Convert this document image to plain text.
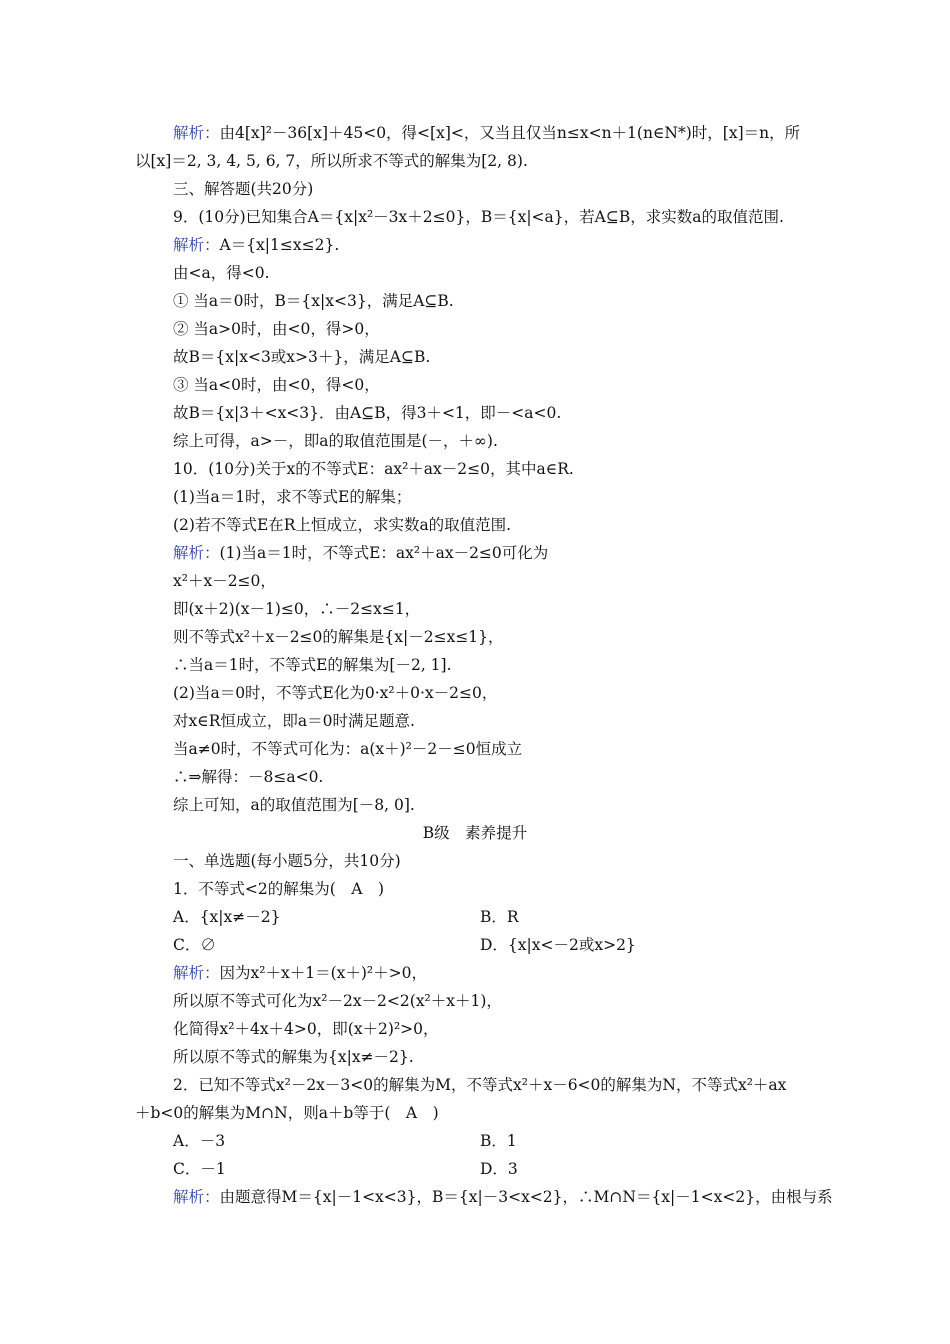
解析：由4[x]²－36[x]＋45<0，得<[x]<，又当且仅当n≤x<n＋1(n∈N*)时，[x]＝n，所
以[x]＝2, 3, 4, 5, 6, 7，所以所求不等式的解集为[2, 8).
三、解答题(共20分)
9．(10分)已知集合A＝{x|x²－3x＋2≤0}，B＝{x|<a}，若A⊆B，求实数a的取值范围.
解析：A＝{x|1≤x≤2}.
由<a，得<0.
① 当a＝0时，B＝{x|x<3}，满足A⊆B.
② 当a>0时，由<0，得>0，
故B＝{x|x<3或x>3＋}，满足A⊆B.
③ 当a<0时，由<0，得<0，
故B＝{x|3＋<x<3}．由A⊆B，得3＋<1，即－<a<0.
综上可得，a>－，即a的取值范围是(－，＋∞).
10．(10分)关于x的不等式E：ax²＋ax－2≤0，其中a∈R.
(1)当a＝1时，求不等式E的解集；
(2)若不等式E在R上恒成立，求实数a的取值范围.
解析：(1)当a＝1时，不等式E：ax²＋ax－2≤0可化为
x²＋x－2≤0，
即(x＋2)(x－1)≤0，∴－2≤x≤1，
则不等式x²＋x－2≤0的解集是{x|－2≤x≤1}，
∴当a＝1时，不等式E的解集为[－2, 1].
(2)当a＝0时，不等式E化为0·x²＋0·x－2≤0，
对x∈R恒成立，即a＝0时满足题意.
当a≠0时，不等式可化为：a(x＋)²－2－≤0恒成立
∴⇒解得：－8≤a<0.
综上可知，a的取值范围为[－8, 0].
B级　素养提升
一、单选题(每小题5分，共10分)
1．不等式<2的解集为(　A　)
A．{x|x≠－2}	B．R
C．∅	D．{x|x<－2或x>2}
解析：因为x²＋x＋1＝(x＋)²＋>0，
所以原不等式可化为x²－2x－2<2(x²＋x＋1)，
化简得x²＋4x＋4>0，即(x＋2)²>0，
所以原不等式的解集为{x|x≠－2}.
2．已知不等式x²－2x－3<0的解集为M，不等式x²＋x－6<0的解集为N，不等式x²＋ax
＋b<0的解集为M∩N，则a＋b等于(　A　)
A．－3	B．1
C．－1	D．3
解析：由题意得M＝{x|－1<x<3}，B＝{x|－3<x<2}，∴M∩N＝{x|－1<x<2}，由根与系
